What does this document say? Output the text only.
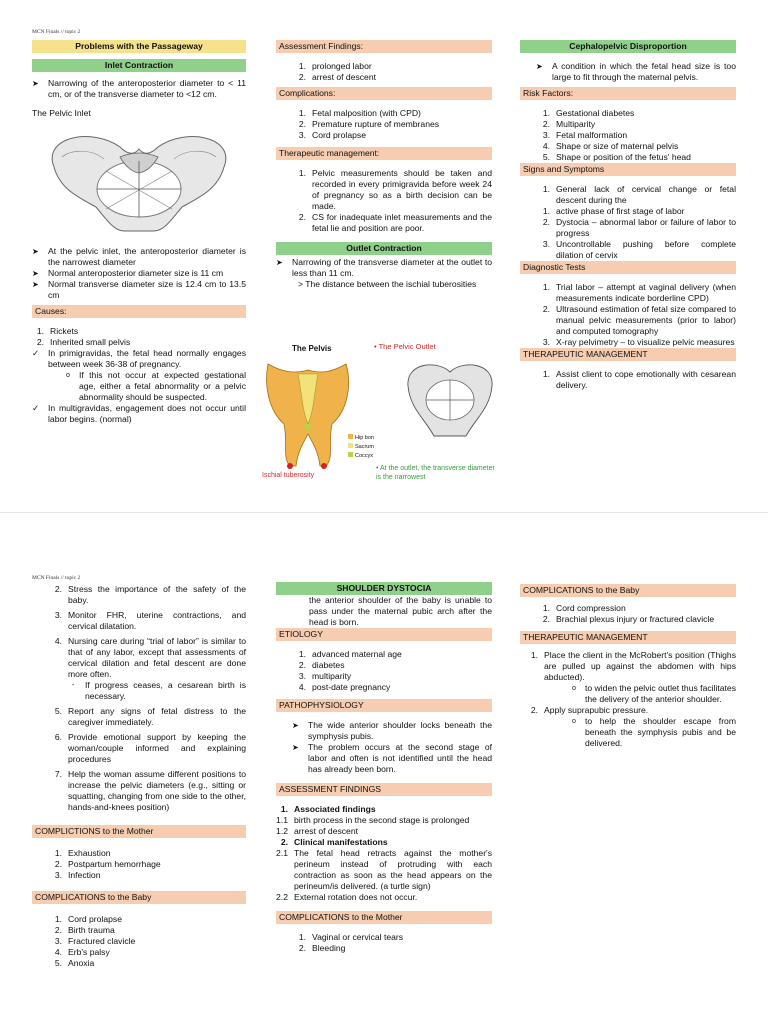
MCN Finals // topic 2
Problems with the Passageway
Inlet Contraction
➤	Narrowing of the anteroposterior diameter to < 11 cm, or of the transverse diameter to <12 cm.
The Pelvic Inlet
➤	At the pelvic inlet, the anteroposterior diameter is the narrowest diameter
➤	Normal anteroposterior diameter size is 11 cm
➤	Normal transverse diameter size is 12.4 cm to 13.5 cm
Causes:
1. Rickets
2. Inherited small pelvis
✓	In primigravidas, the fetal head normally engages between week 36-38 of pregnancy.
o	If this not occur at expected gestational age, either a fetal abnormality or a pelvic abnormality should be suspected.
✓	In multigravidas, engagement does not occur until labor begins. (normal)
Assessment Findings:
1. prolonged labor
2. arrest of descent
Complications:
1. Fetal malposition (with CPD)
2. Premature rupture of membranes
3. Cord prolapse
Therapeutic management:
1. Pelvic measurements should be taken and recorded in every primigravida before week 24 of pregnancy so as a birth decision can be made.
2. CS for inadequate inlet measurements and the fetal lie and position are poor.
Outlet Contraction
➤	Narrowing of the transverse diameter at the outlet to less than 11 cm.
> The distance between the ischial tuberosities
The Pelvis	• The Pelvic Outlet
Hip bon
Sacrum
Coccyx
Ischial tuberosity
• At the outlet, the transverse diameter is the narrowest
Cephalopelvic Disproportion
➤	A condition in which the fetal head size is too large to fit through the maternal pelvis.
Risk Factors:
1. Gestational diabetes
2. Multiparity
3. Fetal malformation
4. Shape or size of maternal pelvis
5. Shape or position of the fetus' head
Signs and Symptoms
1. General lack of cervical change or fetal descent during the
1. active phase of first stage of labor
2. Dystocia – abnormal labor or failure of labor to progress
3. Uncontrollable pushing before complete dilation of cervix
Diagnostic Tests
1. Trial labor – attempt at vaginal delivery (when measurements indicate borderline CPD)
2. Ultrasound estimation of fetal size compared to manual pelvic measurements (prior to labor) and computed tomography
3. X-ray pelvimetry – to visualize pelvic measures
THERAPEUTIC MANAGEMENT
1. Assist client to cope emotionally with cesarean delivery.
MCN Finals // topic 2
2. Stress the importance of the safety of the baby.
3. Monitor FHR, uterine contractions, and cervical dilatation.
4. Nursing care during “trial of labor” is similar to that of any labor, except that assessments of cervical dilation and fetal descent are done more often.
-	If progress ceases, a cesarean birth is necessary.
5. Report any signs of fetal distress to the caregiver immediately.
6. Provide emotional support by keeping the woman/couple informed and explaining procedures
7. Help the woman assume different positions to increase the pelvic diameters (e.g., sitting or squatting, changing from one side to the other, hands-and-knees position)
COMPLICTIONS to the Mother
1. Exhaustion
2. Postpartum hemorrhage
3. Infection
COMPLICATIONS to the Baby
1. Cord prolapse
2. Birth trauma
3. Fractured clavicle
4. Erb's palsy
5. Anoxia
SHOULDER DYSTOCIA
the anterior shoulder of the baby is unable to pass under the maternal pubic arch after the head is born.
ETIOLOGY
1. advanced maternal age
2. diabetes
3. multiparity
4. post-date pregnancy
PATHOPHYSIOLOGY
➤	The wide anterior shoulder locks beneath the symphysis pubis.
➤	The problem occurs at the second stage of labor and often is not identified until the head has already been born.
ASSESSMENT FINDINGS
1. Associated findings
1.1 birth process in the second stage is prolonged
1.2 arrest of descent
2. Clinical manifestations
2.1 The fetal head retracts against the mother's perineum instead of protruding with each contraction as soon as the head appears on the perineum/is delivered. (a turtle sign)
2.2 External rotation does not occur.
COMPLICATIONS to the Mother
1. Vaginal or cervical tears
2. Bleeding
COMPLICATIONS to the Baby
1. Cord compression
2. Brachial plexus injury or fractured clavicle
THERAPEUTIC MANAGEMENT
1. Place the client in the McRobert's position (Thighs are pulled up against the abdomen with hips abducted).
o	to widen the pelvic outlet thus facilitates the delivery of the anterior shoulder.
2. Apply suprapubic pressure.
o	to help the shoulder escape from beneath the symphysis pubis and be delivered.
